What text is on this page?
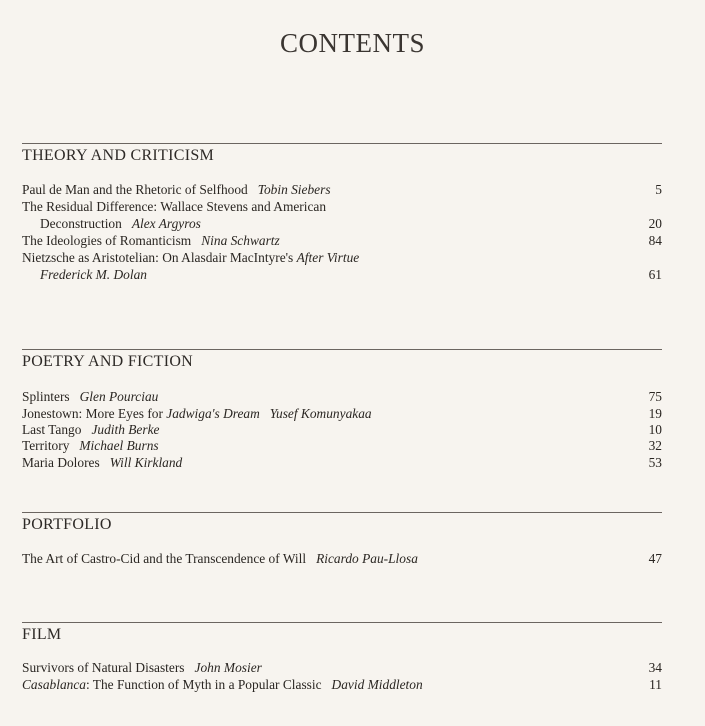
CONTENTS
THEORY AND CRITICISM
Paul de Man and the Rhetoric of Selfhood Tobin Siebers	5
The Residual Difference: Wallace Stevens and American
Deconstruction Alex Argyros	20
The Ideologies of Romanticism Nina Schwartz	84
Nietzsche as Aristotelian: On Alasdair MacIntyre's After Virtue
Frederick M. Dolan	61
POETRY AND FICTION
Splinters Glen Pourciau	75
Jonestown: More Eyes for Jadwiga's Dream Yusef Komunyakaa	19
Last Tango Judith Berke	10
Territory Michael Burns	32
Maria Dolores Will Kirkland	53
PORTFOLIO
The Art of Castro-Cid and the Transcendence of Will Ricardo Pau-Llosa	47
FILM
Survivors of Natural Disasters John Mosier	34
Casablanca: The Function of Myth in a Popular Classic David Middleton	11
